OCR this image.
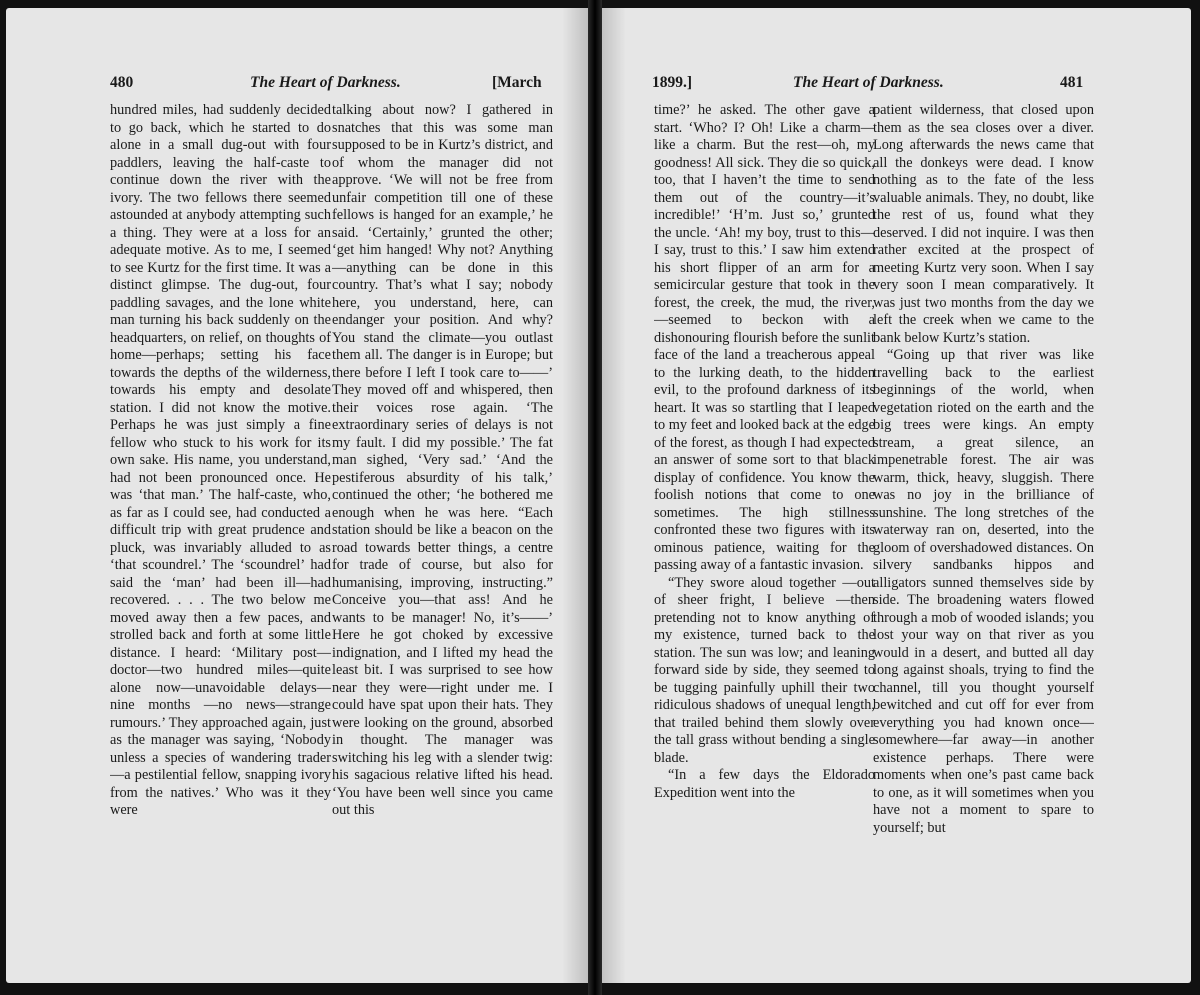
480	The Heart of Darkness.	[March	1899.]	The Heart of Darkness.	481

hundred miles, had suddenly decided to go back, which he started to do alone in a small dug-out with four paddlers, leaving the half-caste to continue down the river with the ivory. The two fellows there seemed astounded at anybody attempting such a thing. They were at a loss for an adequate motive. As to me, I seemed to see Kurtz for the first time. It was a distinct glimpse. The dug-out, four paddling savages, and the lone white man turning his back suddenly on the headquarters, on relief, on thoughts of home—perhaps; setting his face towards the depths of the wilderness, towards his empty and desolate station. I did not know the motive. Perhaps he was just simply a fine fellow who stuck to his work for its own sake. His name, you understand, had not been pronounced once. He was ‘that man.’ The half-caste, who, as far as I could see, had conducted a difficult trip with great prudence and pluck, was invariably alluded to as ‘that scoundrel.’ The ‘scoundrel’ had said the ‘man’ had been ill—had recovered. . . . The two below me moved away then a few paces, and strolled back and forth at some little distance. I heard: ‘Military post—doctor—two hundred miles—quite alone now—unavoidable delays—nine months —no news—strange rumours.’ They approached again, just as the manager was saying, ‘Nobody unless a species of wandering trader—a pestilential fellow, snapping ivory from the natives.’ Who was it they were

talking about now? I gathered in snatches that this was some man supposed to be in Kurtz’s district, and of whom the manager did not approve. ‘We will not be free from unfair competition till one of these fellows is hanged for an example,’ he said. ‘Certainly,’ grunted the other; ‘get him hanged! Why not? Anything—anything can be done in this country. That’s what I say; nobody here, you understand, here, can endanger your position. And why? You stand the climate—you outlast them all. The danger is in Europe; but there before I left I took care to——’ They moved off and whispered, then their voices rose again. ‘The extraordinary series of delays is not my fault. I did my possible.’ The fat man sighed, ‘Very sad.’ ‘And the pestiferous absurdity of his talk,’ continued the other; ‘he bothered me enough when he was here. “Each station should be like a beacon on the road towards better things, a centre for trade of course, but also for humanising, improving, instructing.” Conceive you—that ass! And he wants to be manager! No, it’s——’ Here he got choked by excessive indignation, and I lifted my head the least bit. I was surprised to see how near they were—right under me. I could have spat upon their hats. They were looking on the ground, absorbed in thought. The manager was switching his leg with a slender twig: his sagacious relative lifted his head. ‘You have been well since you came out this

time?’ he asked. The other gave a start. ‘Who? I? Oh! Like a charm—like a charm. But the rest—oh, my goodness! All sick. They die so quick, too, that I haven’t the time to send them out of the country—it’s incredible!’ ‘H’m. Just so,’ grunted the uncle. ‘Ah! my boy, trust to this—I say, trust to this.’ I saw him extend his short flipper of an arm for a semicircular gesture that took in the forest, the creek, the mud, the river, —seemed to beckon with a dishonouring flourish before the sunlit face of the land a treacherous appeal to the lurking death, to the hidden evil, to the profound darkness of its heart. It was so startling that I leaped to my feet and looked back at the edge of the forest, as though I had expected an answer of some sort to that black display of confidence. You know the foolish notions that come to one sometimes. The high stillness confronted these two figures with its ominous patience, waiting for the passing away of a fantastic invasion.

“They swore aloud together —out of sheer fright, I believe —then pretending not to know anything of my existence, turned back to the station. The sun was low; and leaning forward side by side, they seemed to be tugging painfully uphill their two ridiculous shadows of unequal length, that trailed behind them slowly over the tall grass without bending a single blade.

“In a few days the Eldorado Expedition went into the

patient wilderness, that closed upon them as the sea closes over a diver. Long afterwards the news came that all the donkeys were dead. I know nothing as to the fate of the less valuable animals. They, no doubt, like the rest of us, found what they deserved. I did not inquire. I was then rather excited at the prospect of meeting Kurtz very soon. When I say very soon I mean comparatively. It was just two months from the day we left the creek when we came to the bank below Kurtz’s station.

“Going up that river was like travelling back to the earliest beginnings of the world, when vegetation rioted on the earth and the big trees were kings. An empty stream, a great silence, an impenetrable forest. The air was warm, thick, heavy, sluggish. There was no joy in the brilliance of sunshine. The long stretches of the waterway ran on, deserted, into the gloom of overshadowed distances. On silvery sandbanks hippos and alligators sunned themselves side by side. The broadening waters flowed through a mob of wooded islands; you lost your way on that river as you would in a desert, and butted all day long against shoals, trying to find the channel, till you thought yourself bewitched and cut off for ever from everything you had known once—somewhere—far away—in another existence perhaps. There were moments when one’s past came back to one, as it will sometimes when you have not a moment to spare to yourself; but
